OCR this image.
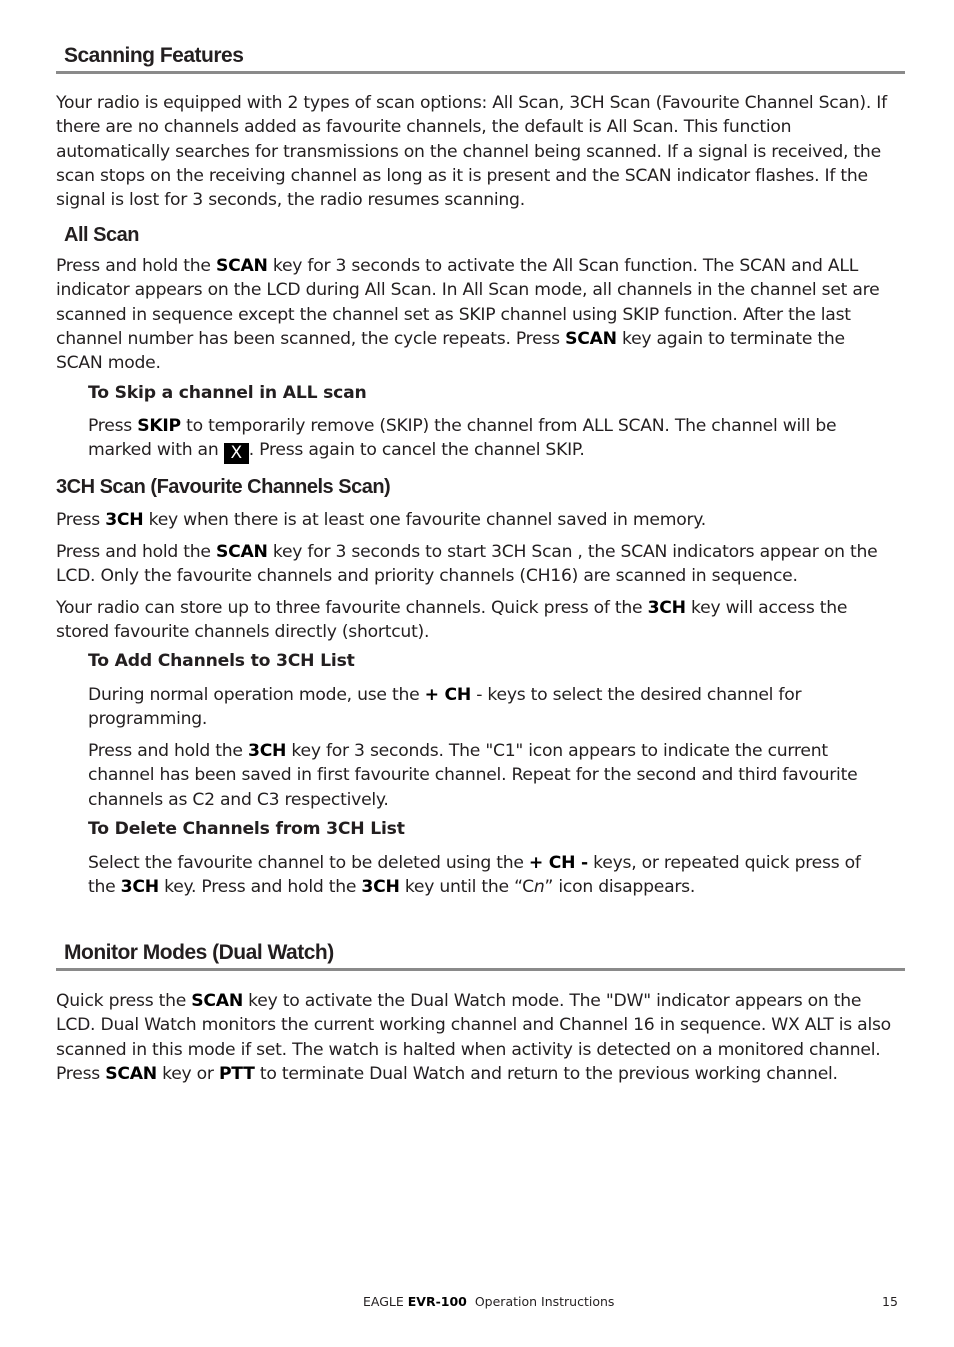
Scanning Features

Your radio is equipped with 2 types of scan options: All Scan, 3CH Scan (Favourite Channel Scan). If there are no channels added as favourite channels, the default is All Scan. This function automatically searches for transmissions on the channel being scanned. If a signal is received, the scan stops on the receiving channel as long as it is present and the SCAN indicator flashes. If the signal is lost for 3 seconds, the radio resumes scanning.

All Scan

Press and hold the SCAN key for 3 seconds to activate the All Scan function. The SCAN and ALL indicator appears on the LCD during All Scan. In All Scan mode, all channels in the channel set are scanned in sequence except the channel set as SKIP channel using SKIP function. After the last channel number has been scanned, the cycle repeats. Press SCAN key again to terminate the SCAN mode.

To Skip a channel in ALL scan

Press SKIP to temporarily remove (SKIP) the channel from ALL SCAN. The channel will be marked with an X . Press again to cancel the channel SKIP.

3CH Scan (Favourite Channels Scan)

Press 3CH key when there is at least one favourite channel saved in memory.

Press and hold the SCAN key for 3 seconds to start 3CH Scan , the SCAN indicators appear on the LCD. Only the favourite channels and priority channels (CH16) are scanned in sequence.

Your radio can store up to three favourite channels. Quick press of the 3CH key will access the stored favourite channels directly (shortcut).

To Add Channels to 3CH List

During normal operation mode, use the + CH - keys to select the desired channel for programming.

Press and hold the 3CH key for 3 seconds. The "C1" icon appears to indicate the current channel has been saved in first favourite channel. Repeat for the second and third favourite channels as C2 and C3 respectively.

To Delete Channels from 3CH List

Select the favourite channel to be deleted using the + CH - keys, or repeated quick press of the 3CH key. Press and hold the 3CH key until the “Cn” icon disappears.

Monitor Modes (Dual Watch)

Quick press the SCAN key to activate the Dual Watch mode. The "DW" indicator appears on the LCD. Dual Watch monitors the current working channel and Channel 16 in sequence. WX ALT is also scanned in this mode if set. The watch is halted when activity is detected on a monitored channel. Press SCAN key or PTT to terminate Dual Watch and return to the previous working channel.

EAGLE EVR-100  Operation Instructions	15
